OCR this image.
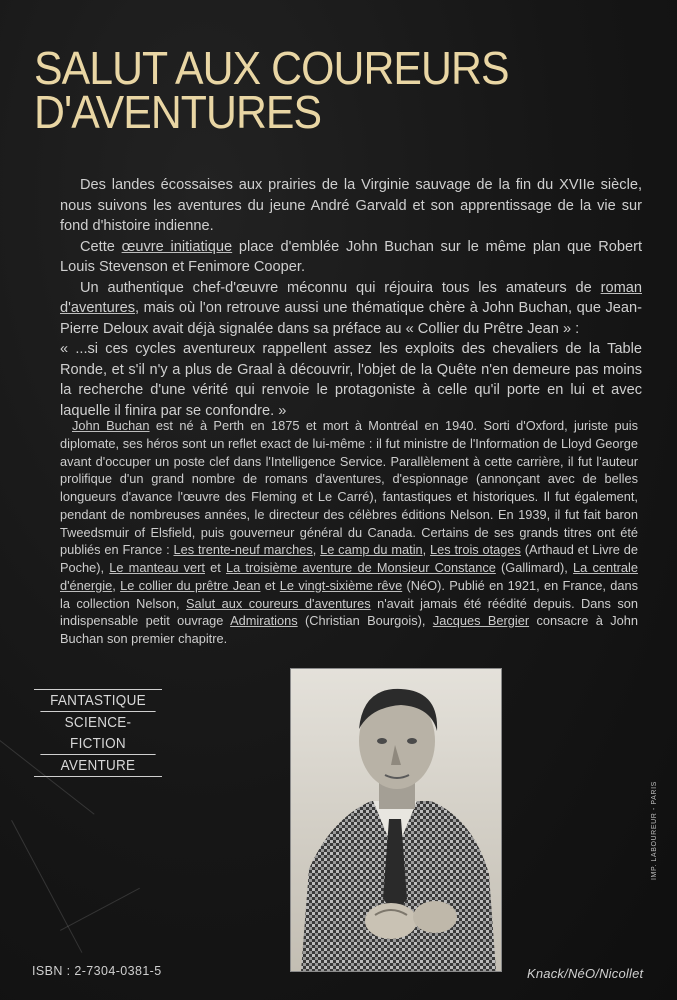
SALUT AUX COUREURS
D'AVENTURES

Des landes écossaises aux prairies de la Virginie sauvage de la fin du XVIIe siècle, nous suivons les aventures du jeune André Garvald et son apprentissage de la vie sur fond d'histoire indienne.

Cette œuvre initiatique place d'emblée John Buchan sur le même plan que Robert Louis Stevenson et Fenimore Cooper.

Un authentique chef-d'œuvre méconnu qui réjouira tous les amateurs de roman d'aventures, mais où l'on retrouve aussi une thématique chère à John Buchan, que Jean-Pierre Deloux avait déjà signalée dans sa préface au « Collier du Prêtre Jean » :

« ...si ces cycles aventureux rappellent assez les exploits des chevaliers de la Table Ronde, et s'il n'y a plus de Graal à découvrir, l'objet de la Quête n'en demeure pas moins la recherche d'une vérité qui renvoie le protagoniste à celle qu'il porte en lui et avec laquelle il finira par se confondre. »

John Buchan est né à Perth en 1875 et mort à Montréal en 1940. Sorti d'Oxford, juriste puis diplomate, ses héros sont un reflet exact de lui-même : il fut ministre de l'Information de Lloyd George avant d'occuper un poste clef dans l'Intelligence Service. Parallèlement à cette carrière, il fut l'auteur prolifique d'un grand nombre de romans d'aventures, d'espionnage (annonçant avec de belles longueurs d'avance l'œuvre des Fleming et Le Carré), fantastiques et historiques. Il fut également, pendant de nombreuses années, le directeur des célèbres éditions Nelson. En 1939, il fut fait baron Tweedsmuir of Elsfield, puis gouverneur général du Canada. Certains de ses grands titres ont été publiés en France : Les trente-neuf marches, Le camp du matin, Les trois otages (Arthaud et Livre de Poche), Le manteau vert et La troisième aventure de Monsieur Constance (Gallimard), La centrale d'énergie, Le collier du prêtre Jean et Le vingt-sixième rêve (NéO). Publié en 1921, en France, dans la collection Nelson, Salut aux coureurs d'aventures n'avait jamais été réédité depuis. Dans son indispensable petit ouvrage Admirations (Christian Bourgois), Jacques Bergier consacre à John Buchan son premier chapitre.

FANTASTIQUE
SCIENCE-FICTION
AVENTURE
ISBN : 2-7304-0381-5	Knack/NéO/Nicollet
IMP. LABOUREUR - PARIS
